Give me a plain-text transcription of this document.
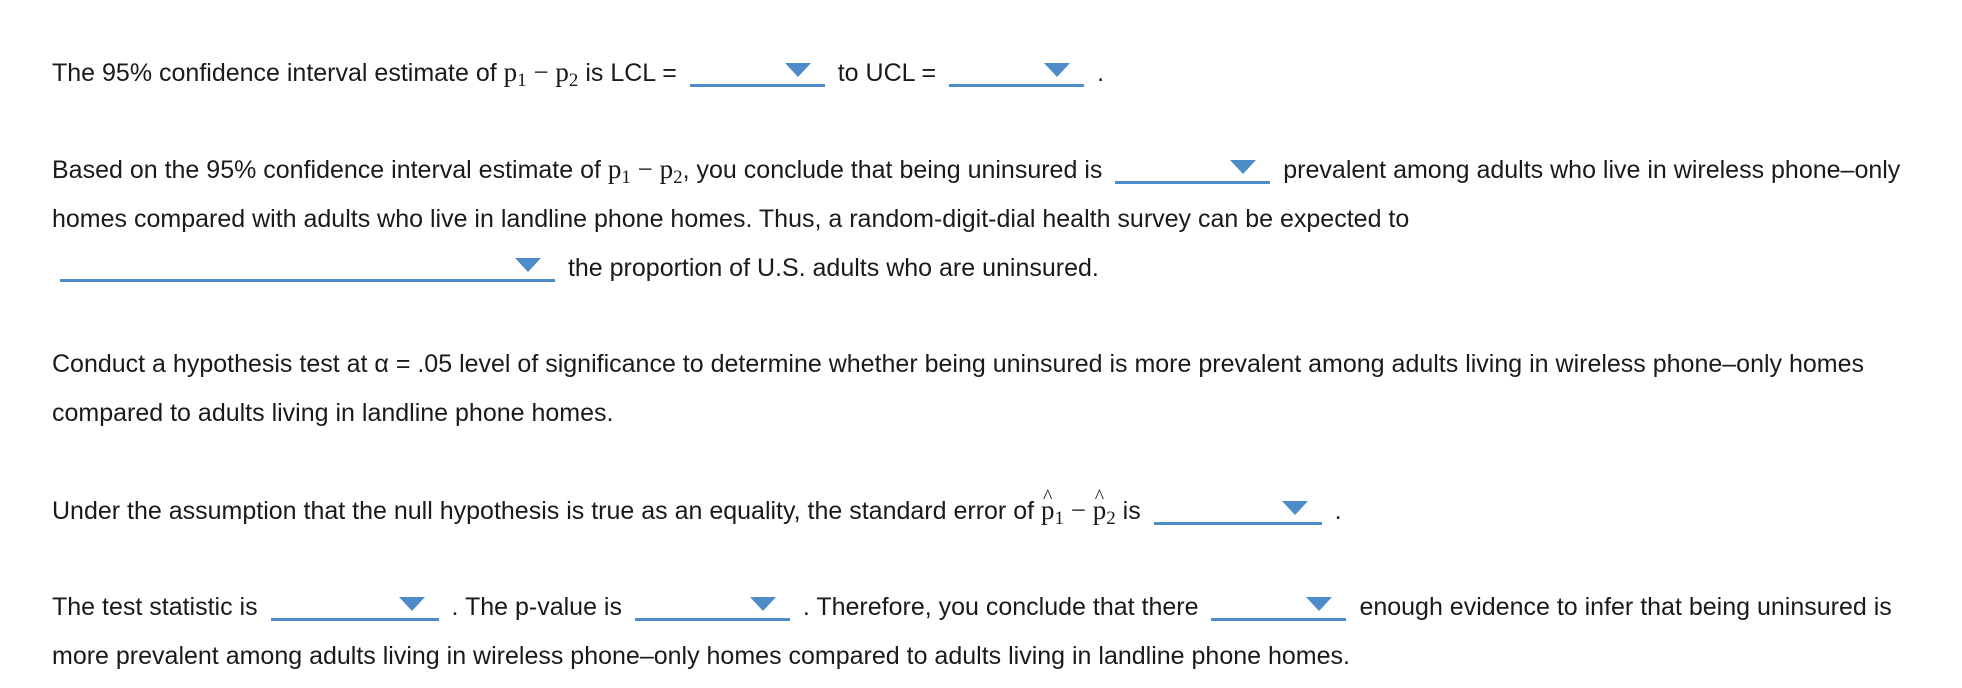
The 95% confidence interval estimate of $p_1 - p_2$ is LCL =	to UCL =	.

Based on the 95% confidence interval estimate of $p_1 - p_2$, you conclude that being uninsured is	prevalent among adults who live in wireless phone–only homes compared with adults who live in landline phone homes. Thus, a random-digit-dial health survey can be expected to
the proportion of U.S. adults who are uninsured.

Conduct a hypothesis test at α = .05 level of significance to determine whether being uninsured is more prevalent among adults living in wireless phone–only homes compared to adults living in landline phone homes.

Under the assumption that the null hypothesis is true as an equality, the standard error of ^ $p_1$ − ^ $p_2$ is	.

The test statistic is	. The p-value is	. Therefore, you conclude that there	enough evidence to infer that being uninsured is more prevalent among adults living in wireless phone–only homes compared to adults living in landline phone homes.
